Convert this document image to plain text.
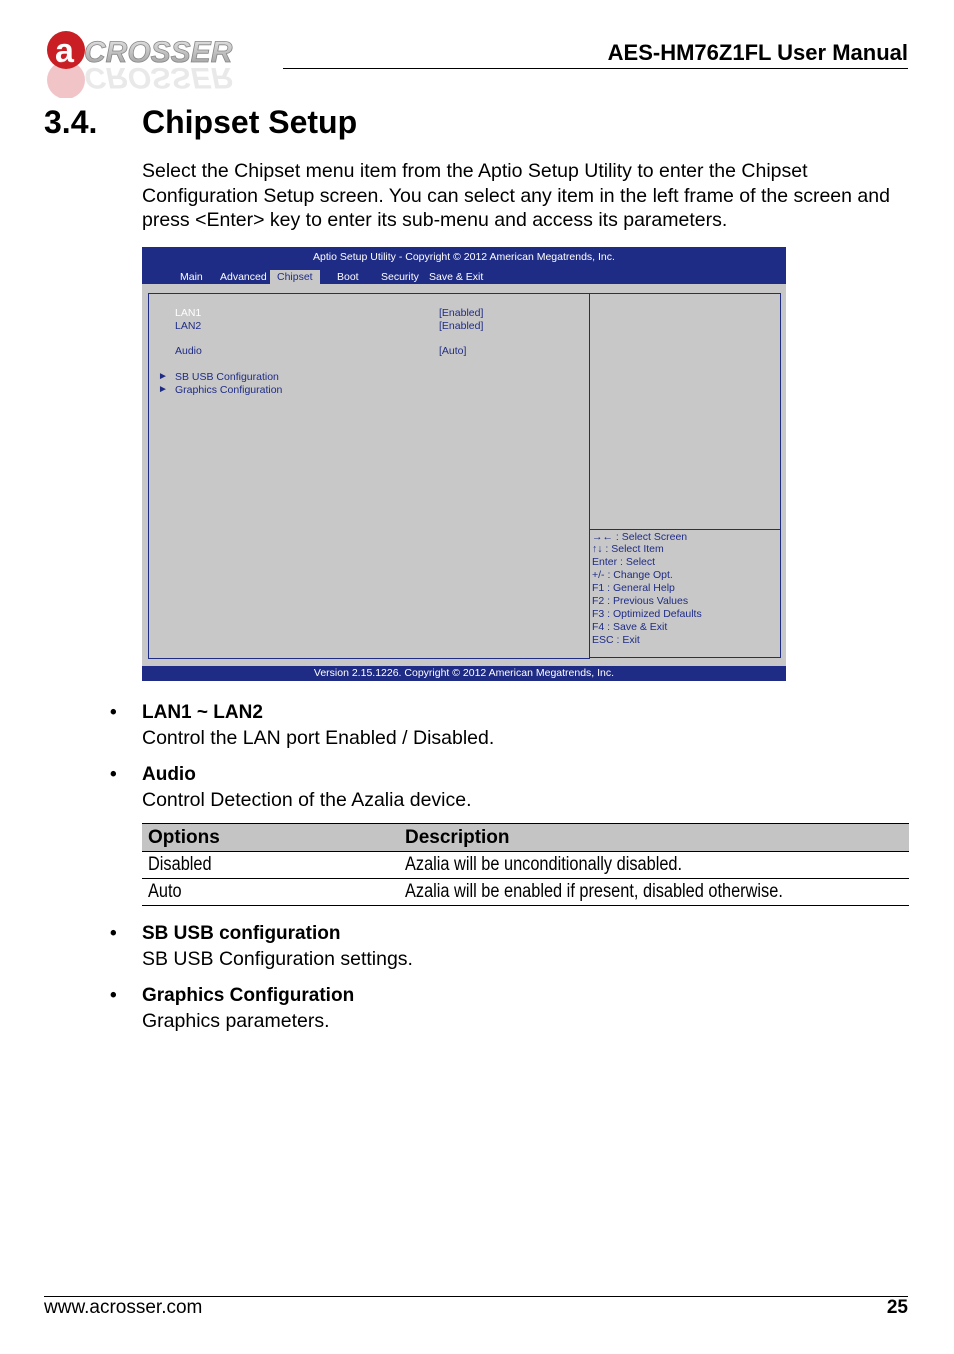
a CROSSER
CROSSER
AES-HM76Z1FL User Manual
3.4. Chipset Setup
Select the Chipset menu item from the Aptio Setup Utility to enter the Chipset Configuration Setup screen. You can select any item in the left frame of the screen and press <Enter> key to enter its sub-menu and access its parameters.
Aptio Setup Utility - Copyright © 2012 American Megatrends, Inc.
Main Advanced Chipset	Boot Security Save & Exit
LAN1	[Enabled]
LAN2	[Enabled]
Audio	[Auto]
► SB USB Configuration
► Graphics Configuration
→← : Select Screen
↑↓ : Select Item
Enter : Select
+/- : Change Opt.
F1 : General Help
F2 : Previous Values
F3 : Optimized Defaults
F4 : Save & Exit
ESC : Exit
Version 2.15.1226. Copyright © 2012 American Megatrends, Inc.
• LAN1 ~ LAN2
Control the LAN port Enabled / Disabled.
• Audio
Control Detection of the Azalia device.
Options	Description
Disabled	Azalia will be unconditionally disabled.
Auto	Azalia will be enabled if present, disabled otherwise.
• SB USB configuration
SB USB Configuration settings.
• Graphics Configuration
Graphics parameters.
www.acrosser.com	25
